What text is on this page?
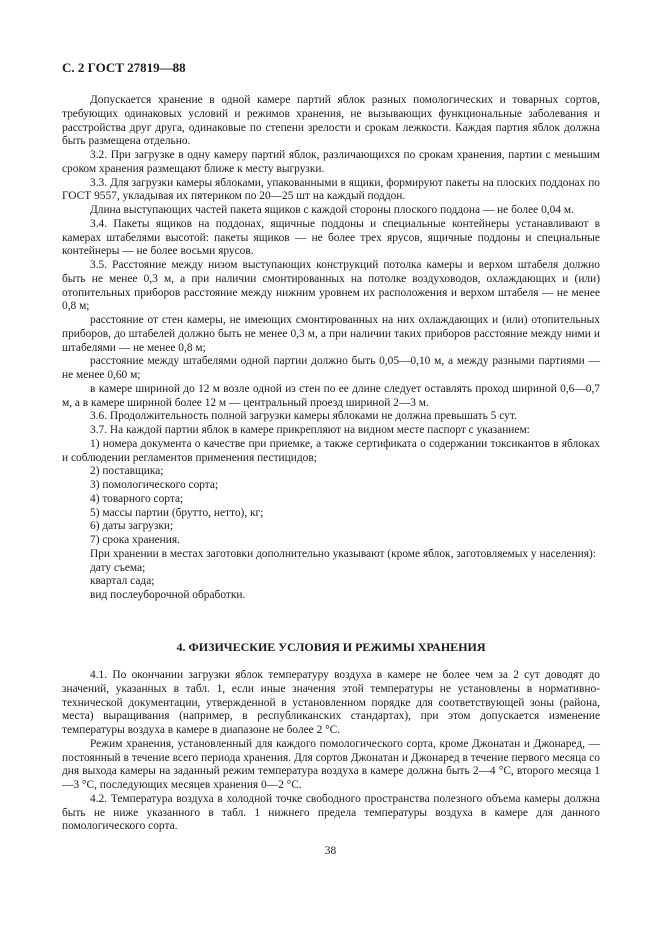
С. 2 ГОСТ 27819—88

Допускается хранение в одной камере партий яблок разных помологических и товарных сортов, требующих одинаковых условий и режимов хранения, не вызывающих функциональные заболевания и расстройства друг друга, одинаковые по степени зрелости и срокам лежкости. Каждая партия яблок должна быть размещена отдельно.

3.2. При загрузке в одну камеру партий яблок, различающихся по срокам хранения, партии с меньшим сроком хранения размещают ближе к месту выгрузки.

3.3. Для загрузки камеры яблоками, упакованными в ящики, формируют пакеты на плоских поддонах по ГОСТ 9557, укладывая их пятериком по 20—25 шт на каждый поддон.

Длина выступающих частей пакета ящиков с каждой стороны плоского поддона — не более 0,04 м.

3.4. Пакеты ящиков на поддонах, ящичные поддоны и специальные контейнеры устанавливают в камерах штабелями высотой: пакеты ящиков — не более трех ярусов, ящичные поддоны и специальные контейнеры — не более восьми ярусов.

3.5. Расстояние между низом выступающих конструкций потолка камеры и верхом штабеля должно быть не менее 0,3 м, а при наличии смонтированных на потолке воздуховодов, охлаждающих и (или) отопительных приборов расстояние между нижним уровнем их расположения и верхом штабеля — не менее 0,8 м;

расстояние от стен камеры, не имеющих смонтированных на них охлаждающих и (или) отопительных приборов, до штабелей должно быть не менее 0,3 м, а при наличии таких приборов расстояние между ними и штабелями — не менее 0,8 м;

расстояние между штабелями одной партии должно быть 0,05—0,10 м, а между разными партиями — не менее 0,60 м;

в камере шириной до 12 м возле одной из стен по ее длине следует оставлять проход шириной 0,6—0,7 м, а в камере шириной более 12 м — центральный проезд шириной 2—3 м.

3.6. Продолжительность полной загрузки камеры яблоками не должна превышать 5 сут.

3.7. На каждой партии яблок в камере прикрепляют на видном месте паспорт с указанием:

1) номера документа о качестве при приемке, а также сертификата о содержании токсикантов в яблоках и соблюдении регламентов применения пестицидов;

2) поставщика;

3) помологического сорта;

4) товарного сорта;

5) массы партии (брутто, нетто), кг;

6) даты загрузки;

7) срока хранения.

При хранении в местах заготовки дополнительно указывают (кроме яблок, заготовляемых у населения):

дату съема;

квартал сада;

вид послеуборочной обработки.

4. ФИЗИЧЕСКИЕ УСЛОВИЯ И РЕЖИМЫ ХРАНЕНИЯ

4.1. По окончании загрузки яблок температуру воздуха в камере не более чем за 2 сут доводят до значений, указанных в табл. 1, если иные значения этой температуры не установлены в нормативно-технической документации, утвержденной в установленном порядке для соответствующей зоны (района, места) выращивания (например, в республиканских стандартах), при этом допускается изменение температуры воздуха в камере в диапазоне не более 2 °С.

Режим хранения, установленный для каждого помологического сорта, кроме Джонатан и Джонаред, — постоянный в течение всего периода хранения. Для сортов Джонатан и Джонаред в течение первого месяца со дня выхода камеры на заданный режим температура воздуха в камере должна быть 2—4 °С, второго месяца 1—3 °С, последующих месяцев хранения 0—2 °С.

4.2. Температура воздуха в холодной точке свободного пространства полезного объема камеры должна быть не ниже указанного в табл. 1 нижнего предела температуры воздуха в камере для данного помологического сорта.

38
